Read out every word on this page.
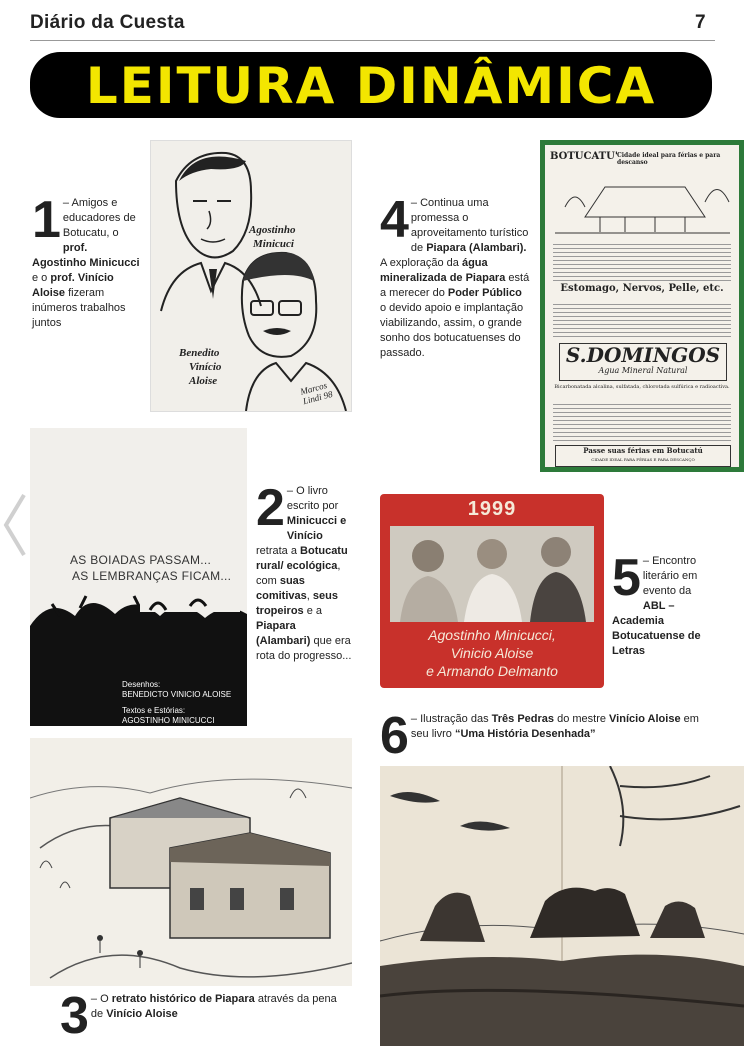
Diário da Cuesta	7
LEITURA DINÂMICA
1 – Amigos e educadores de Botucatu, o prof. Agostinho Minicucci e o prof. Vinício Aloise fizeram inúmeros trabalhos juntos
Agostinho
Minicuci
Benedito
Vinício
Aloise	Marcos Lindi 98
4 – Continua uma promessa o aproveitamento turístico de Piapara (Alambari). A exploração da água mineralizada de Piapara está a merecer do Poder Público o devido apoio e implantação viabilizando, assim, o grande sonho dos botucatuenses do passado.
BOTUCATU' Cidade ideal para férias e para descanso
Estomago, Nervos, Pelle, etc.
S.DOMINGOS
Agua Mineral Natural
Bicarbonatada alcalina, sulfatada, chlorotada sulfúrica e radioactiva.
Passe suas férias em Botucatú
CIDADE IDEAL PARA FÉRIAS E PARA DESCANÇO
AS BOIADAS PASSAM...
AS LEMBRANÇAS FICAM...
Desenhos:
BENEDICTO VINICIO ALOISE
Textos e Estórias:
AGOSTINHO MINICUCCI
2 – O livro escrito por Minicucci e Vinício retrata a Botucatu rural/ ecológica, com suas comitivas, seus tropeiros e a Piapara (Alambari) que era rota do progresso...
1999
Agostinho Minicucci,
Vinicio Aloise
e Armando Delmanto
5 – Encontro literário em evento da ABL – Academia Botucatuense de Letras
6 – Ilustração das Três Pedras do mestre Vinício Aloise em seu livro “Uma História Desenhada”
3 – O retrato histórico de Piapara através da pena de Vinício Aloise
